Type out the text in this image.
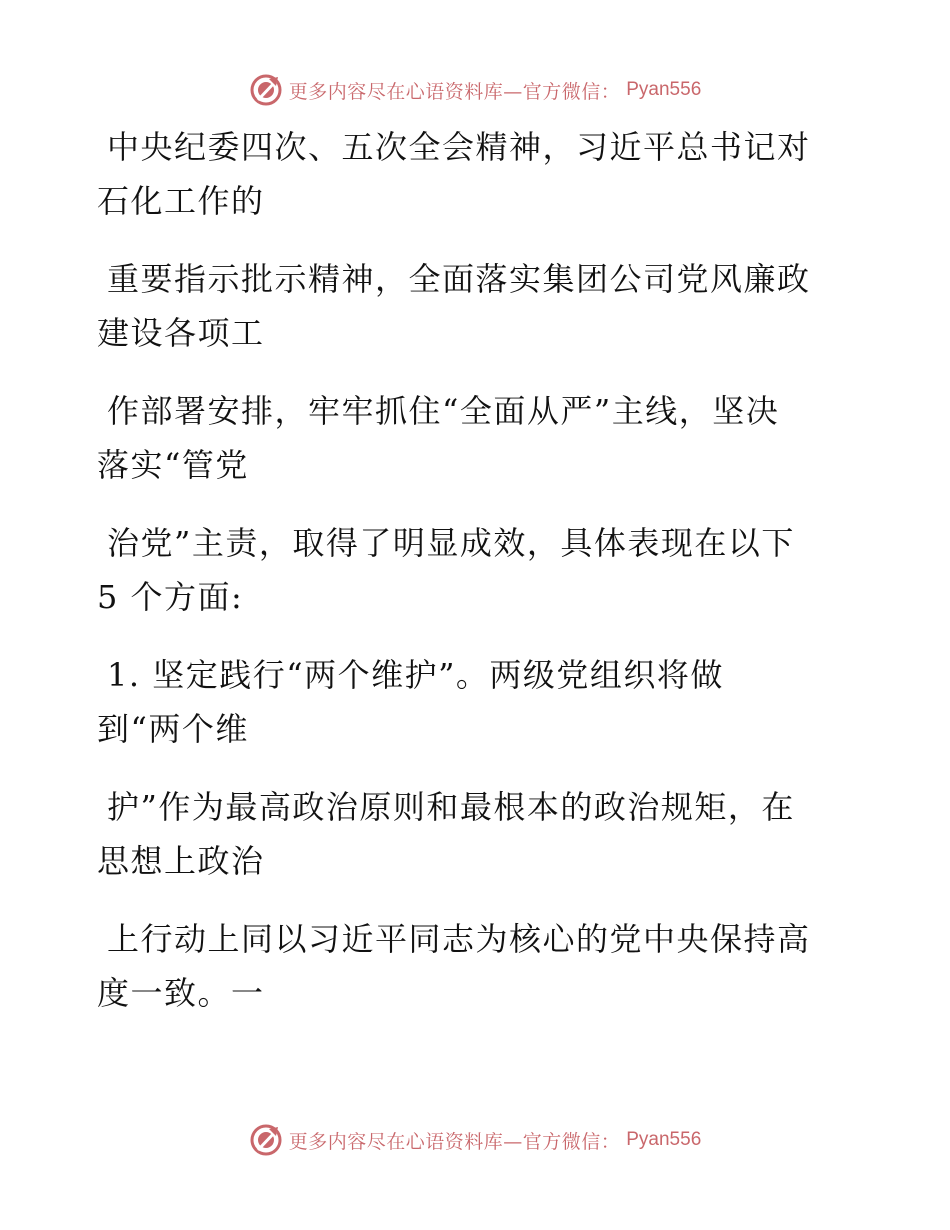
更多内容尽在心语资料库—官方微信： Pyan556
中央纪委四次、五次全会精神，习近平总书记对
石化工作的
重要指示批示精神，全面落实集团公司党风廉政
建设各项工
作部署安排，牢牢抓住“全面从严”主线，坚决
落实“管党
治党”主责，取得了明显成效，具体表现在以下
5 个方面:
1. 坚定践行“两个维护”。两级党组织将做
到“两个维
护”作为最高政治原则和最根本的政治规矩，在
思想上政治
上行动上同以习近平同志为核心的党中央保持高
度一致。一
更多内容尽在心语资料库—官方微信： Pyan556
